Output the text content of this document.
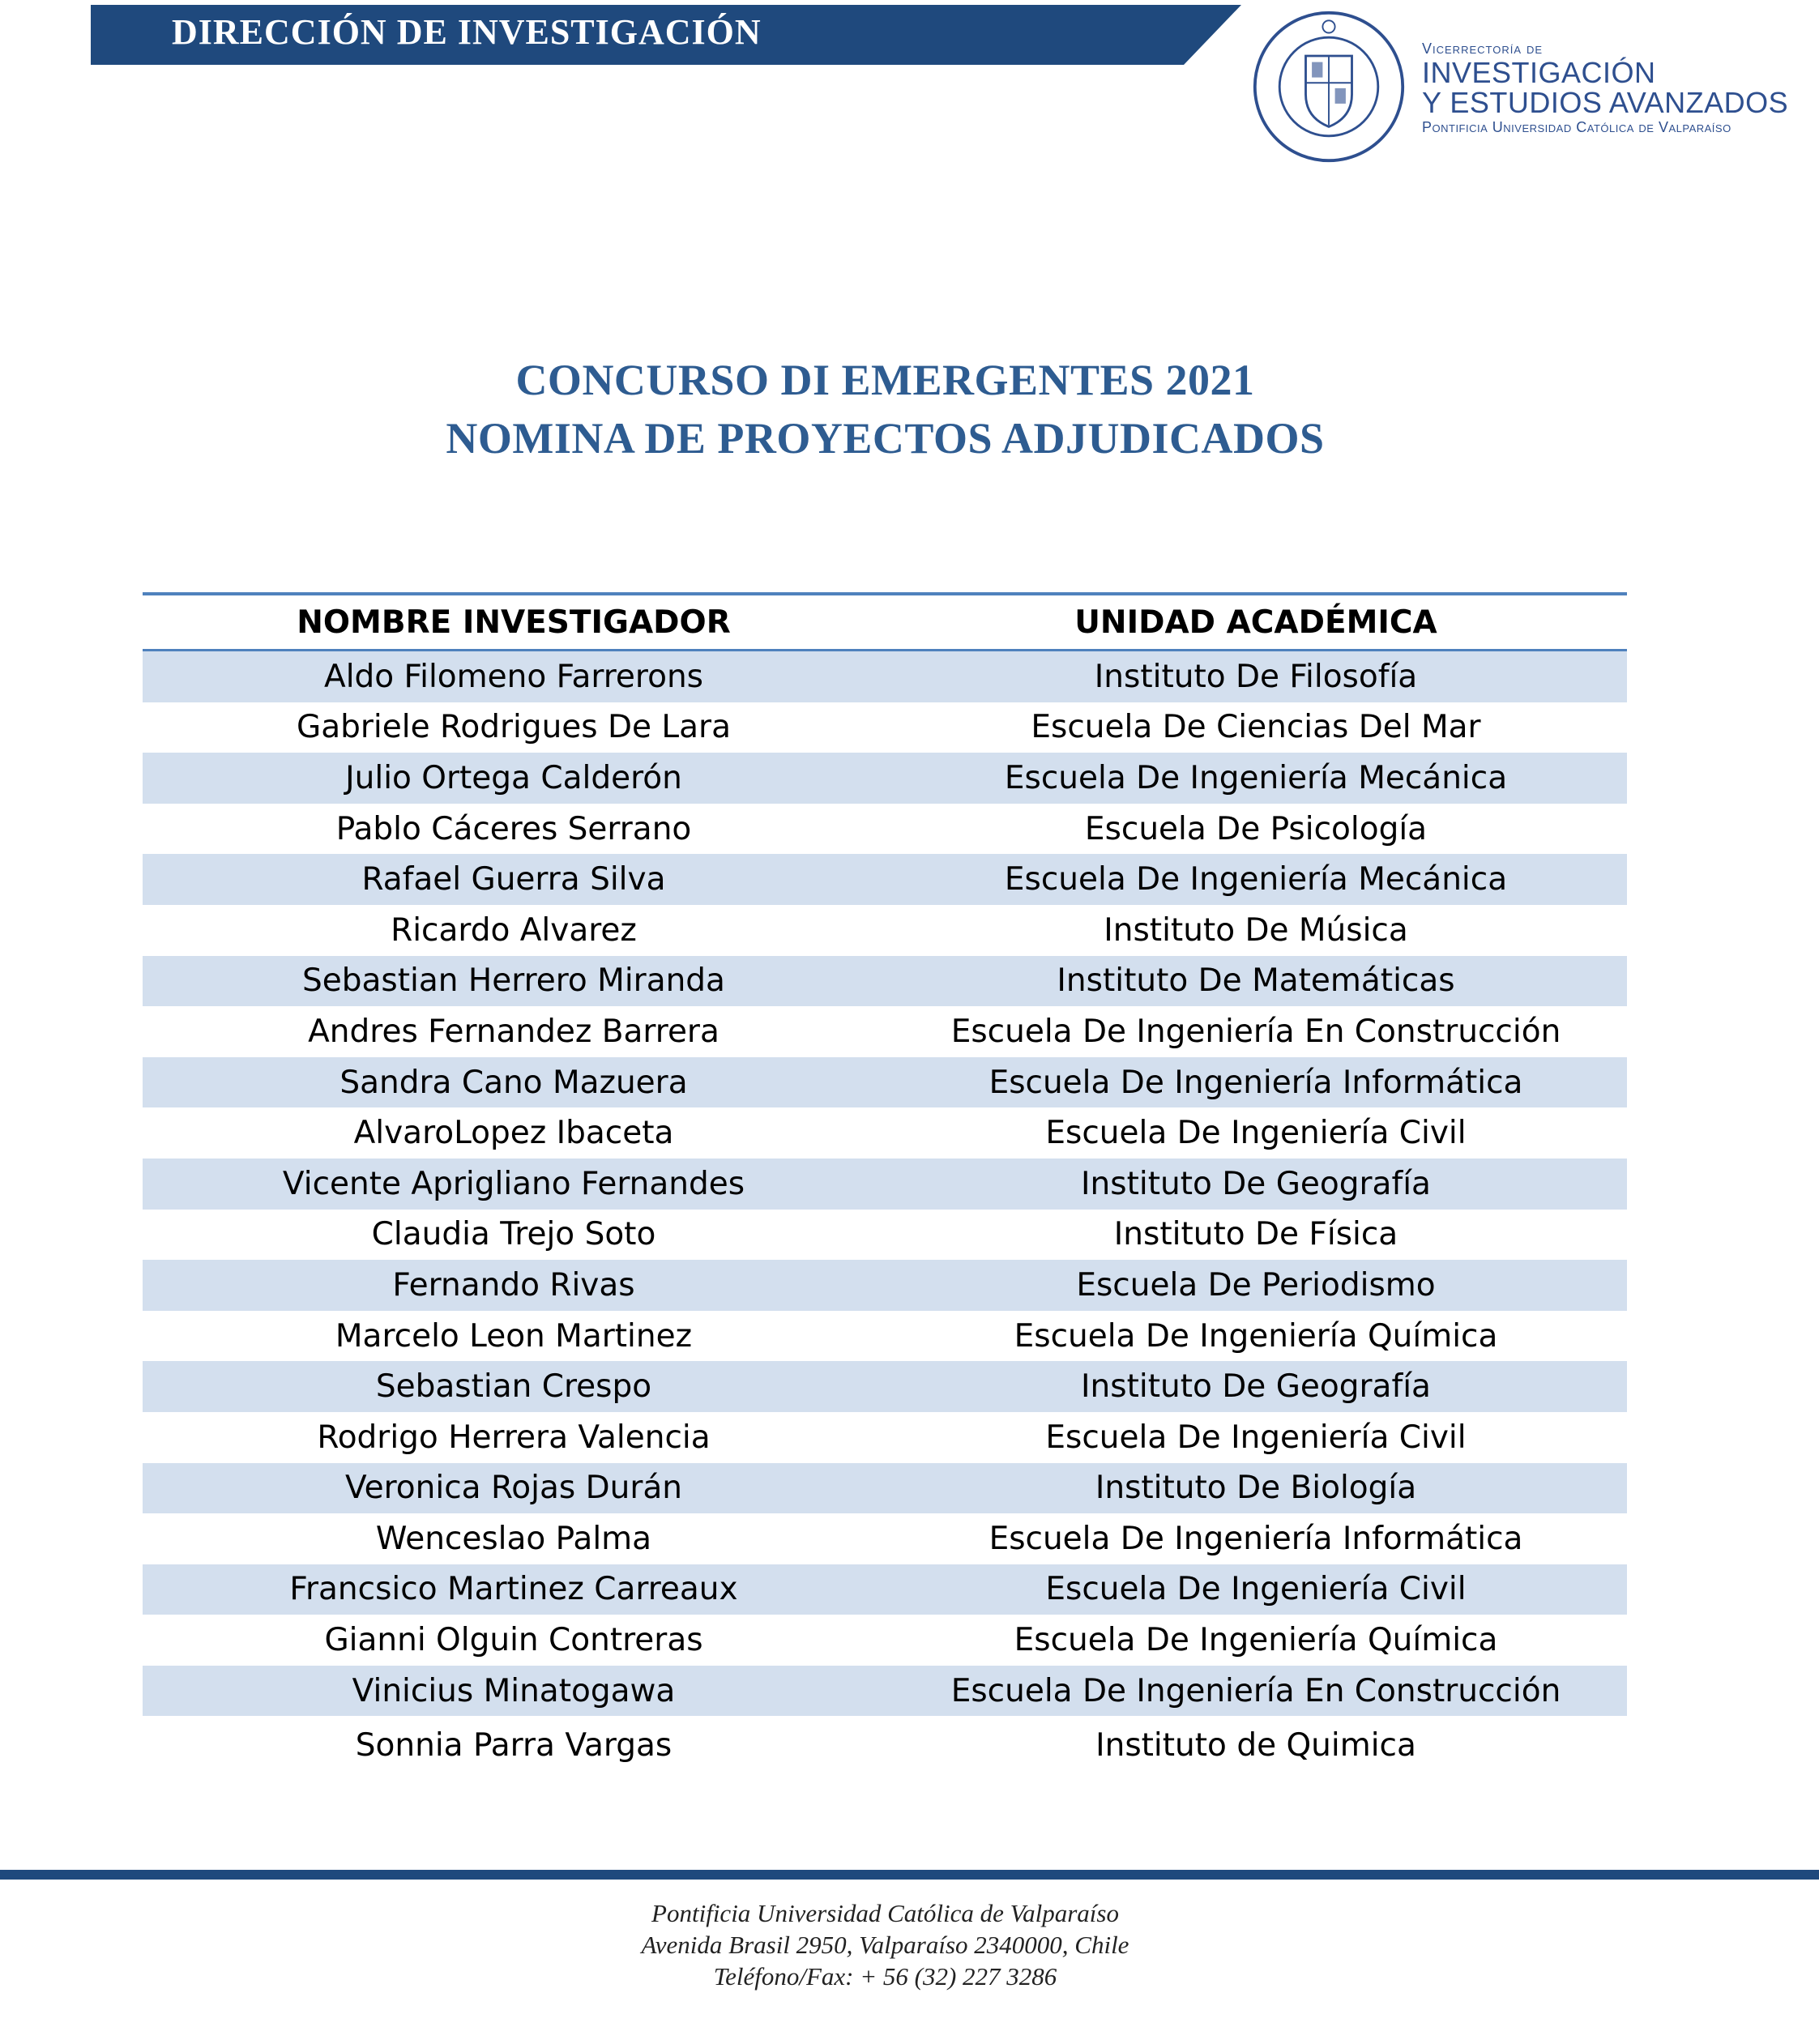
DIRECCIÓN DE INVESTIGACIÓN	Vicerrectoría de
INVESTIGACIÓN
Y ESTUDIOS AVANZADOS
Pontificia Universidad Católica de Valparaíso
CONCURSO DI EMERGENTES 2021
NOMINA DE PROYECTOS ADJUDICADOS
NOMBRE INVESTIGADOR	UNIDAD ACADÉMICA
Aldo Filomeno Farrerons	Instituto De Filosofía
Gabriele Rodrigues De Lara	Escuela De Ciencias Del Mar
Julio Ortega Calderón	Escuela De Ingeniería Mecánica
Pablo Cáceres Serrano	Escuela De Psicología
Rafael Guerra Silva	Escuela De Ingeniería Mecánica
Ricardo Alvarez	Instituto De Música
Sebastian Herrero Miranda	Instituto De Matemáticas
Andres Fernandez Barrera	Escuela De Ingeniería En Construcción
Sandra Cano Mazuera	Escuela De Ingeniería Informática
AlvaroLopez Ibaceta	Escuela De Ingeniería Civil
Vicente Aprigliano Fernandes	Instituto De Geografía
Claudia Trejo Soto	Instituto De Física
Fernando Rivas	Escuela De Periodismo
Marcelo Leon Martinez	Escuela De Ingeniería Química
Sebastian Crespo	Instituto De Geografía
Rodrigo Herrera Valencia	Escuela De Ingeniería Civil
Veronica Rojas Durán	Instituto De Biología
Wenceslao Palma	Escuela De Ingeniería Informática
Francsico Martinez Carreaux	Escuela De Ingeniería Civil
Gianni Olguin Contreras	Escuela De Ingeniería Química
Vinicius Minatogawa	Escuela De Ingeniería En Construcción
Sonnia Parra Vargas	Instituto de Quimica
Pontificia Universidad Católica de Valparaíso
Avenida Brasil 2950, Valparaíso 2340000, Chile
Teléfono/Fax: + 56 (32) 227 3286
